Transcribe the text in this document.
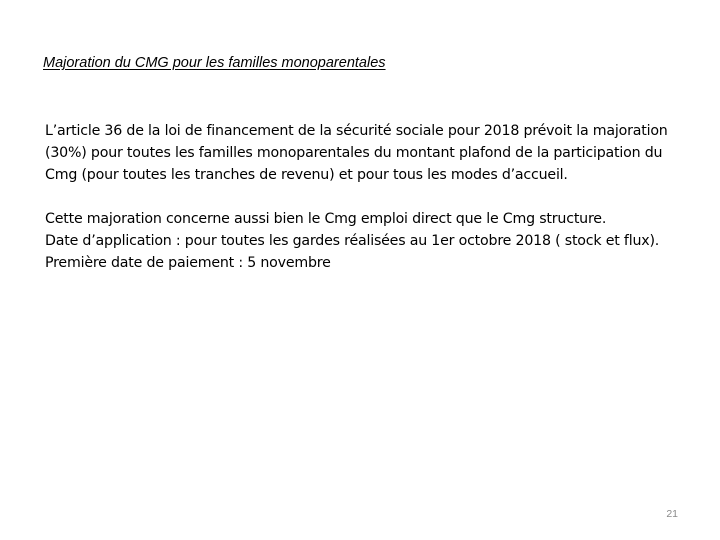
Majoration du CMG pour les familles monoparentales

L’article 36 de la loi de financement de la sécurité sociale pour 2018 prévoit la majoration (30%) pour toutes les familles monoparentales du montant plafond de la participation du Cmg (pour toutes les tranches de revenu) et pour tous les modes d’accueil.

Cette majoration concerne aussi bien le Cmg emploi direct que le Cmg structure.

Date d’application : pour toutes les gardes réalisées au 1er octobre 2018 ( stock et flux).

Première date de paiement : 5 novembre

21
